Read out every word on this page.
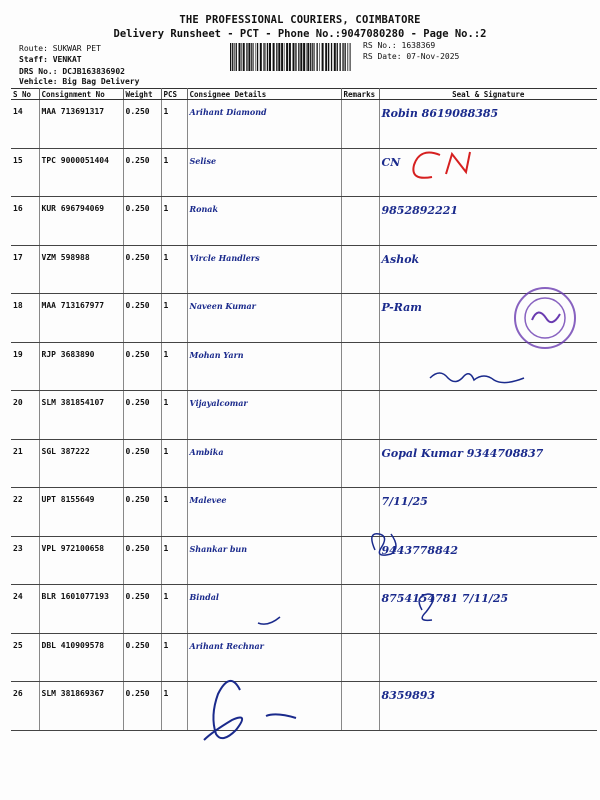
THE PROFESSIONAL COURIERS, COIMBATORE
Delivery Runsheet - PCT - Phone No.:9047080280 - Page No.:2
Route: SUKWAR PET
Staff: VENKAT
DRS No.: DCJB163836902
Vehicle: Big Bag Delivery
RS No.: 1638369
RS Date: 07-Nov-2025
S No	Consignment No	Weight	PCS	Consignee Details	Remarks	Seal & Signature
14	MAA 713691317	0.250	1	Arihant Diamond		Robin 8619088385
15	TPC 9000051404	0.250	1	Selise		CN
16	KUR 696794069	0.250	1	Ronak		9852892221
17	VZM 598988	0.250	1	Vircle Handlers		Ashok
18	MAA 713167977	0.250	1	Naveen Kumar		P-Ram
19	RJP 3683890	0.250	1	Mohan Yarn		
20	SLM 381854107	0.250	1	Vijayalcomar		
21	SGL 387222	0.250	1	Ambika		Gopal Kumar 9344708837
22	UPT 8155649	0.250	1	Malevee		7/11/25
23	VPL 972100658	0.250	1	Shankar bun		9443778842
24	BLR 1601077193	0.250	1	Bindal		8754154781 7/11/25
25	DBL 410909578	0.250	1	Arihant Rechnar		
26	SLM 381869367	0.250	1			8359893
